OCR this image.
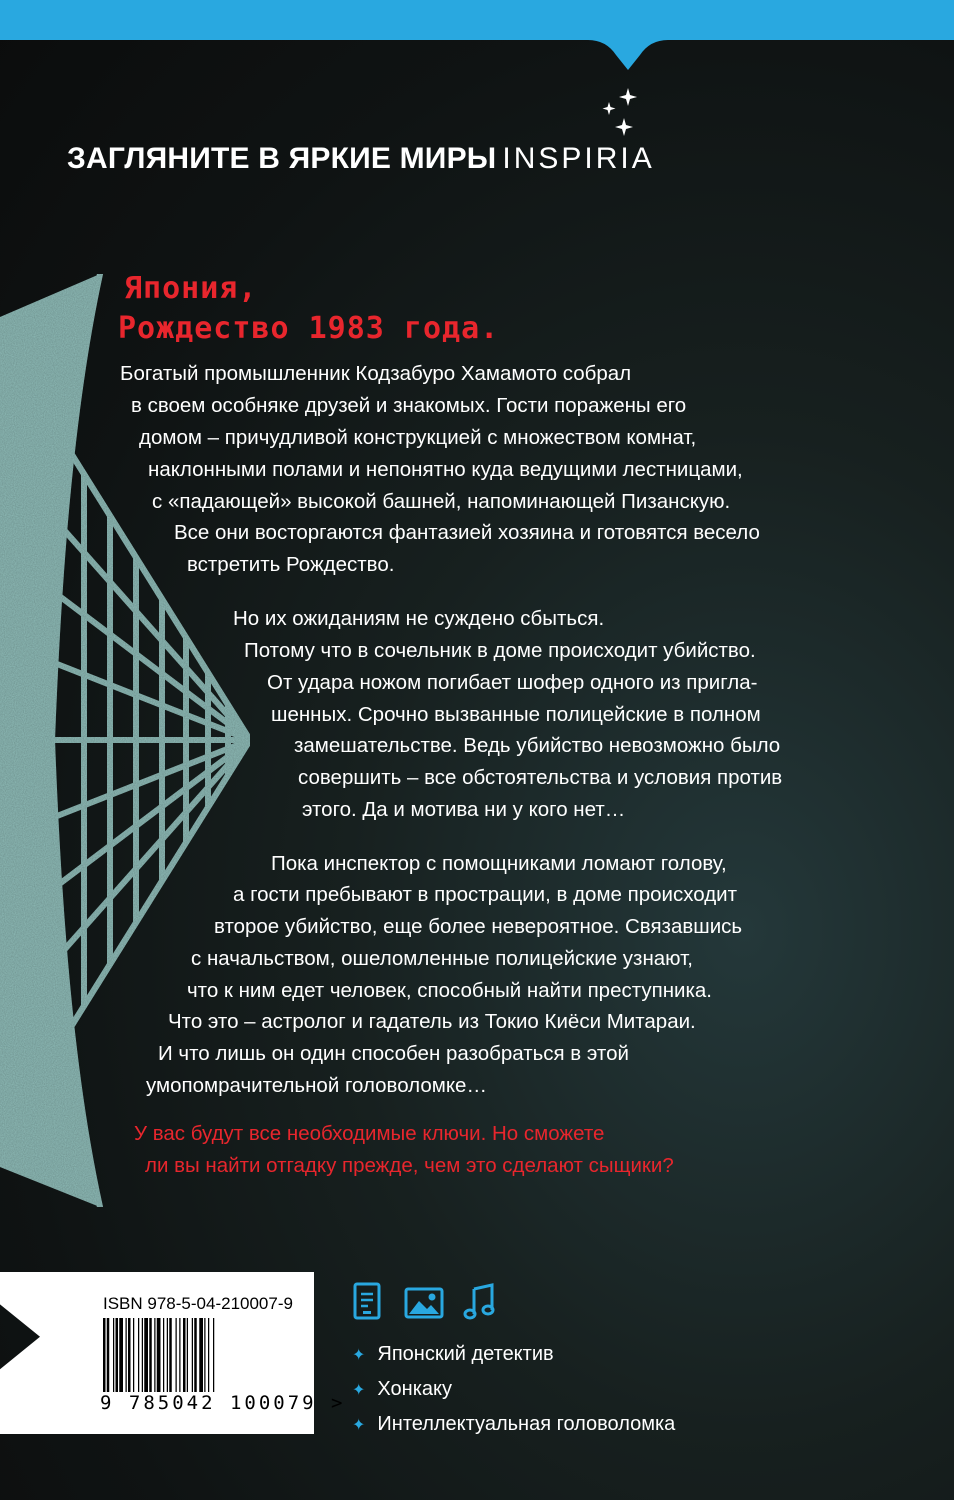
ЗАГЛЯНИТЕ В ЯРКИЕ МИРЫ INSPIRIA

Япония,

Рождество 1983 года.

Богатый промышленник Кодзабуро Хамамото собрал

в своем особняке друзей и знакомых. Гости поражены его

домом – причудливой конструкцией с множеством комнат,

наклонными полами и непонятно куда ведущими лестницами,

с «падающей» высокой башней, напоминающей Пизанскую.

Все они восторгаются фантазией хозяина и готовятся весело

встретить Рождество.

Но их ожиданиям не суждено сбыться.

Потому что в сочельник в доме происходит убийство.

От удара ножом погибает шофер одного из пригла-

шенных. Срочно вызванные полицейские в полном

замешательстве. Ведь убийство невозможно было

совершить – все обстоятельства и условия против

этого. Да и мотива ни у кого нет…

Пока инспектор с помощниками ломают голову,

а гости пребывают в прострации, в доме происходит

второе убийство, еще более невероятное. Связавшись

с начальством, ошеломленные полицейские узнают,

что к ним едет человек, способный найти преступника.

Что это – астролог и гадатель из Токио Киёси Митараи.

И что лишь он один способен разобраться в этой

умопомрачительной головоломке…

У вас будут все необходимые ключи. Но сможете

ли вы найти отгадку прежде, чем это сделают сыщики?

ISBN 978-5-04-210007-9

9 785042 100079 >

✦ Японский детектив

✦ Хонкаку

✦ Интеллектуальная головоломка
